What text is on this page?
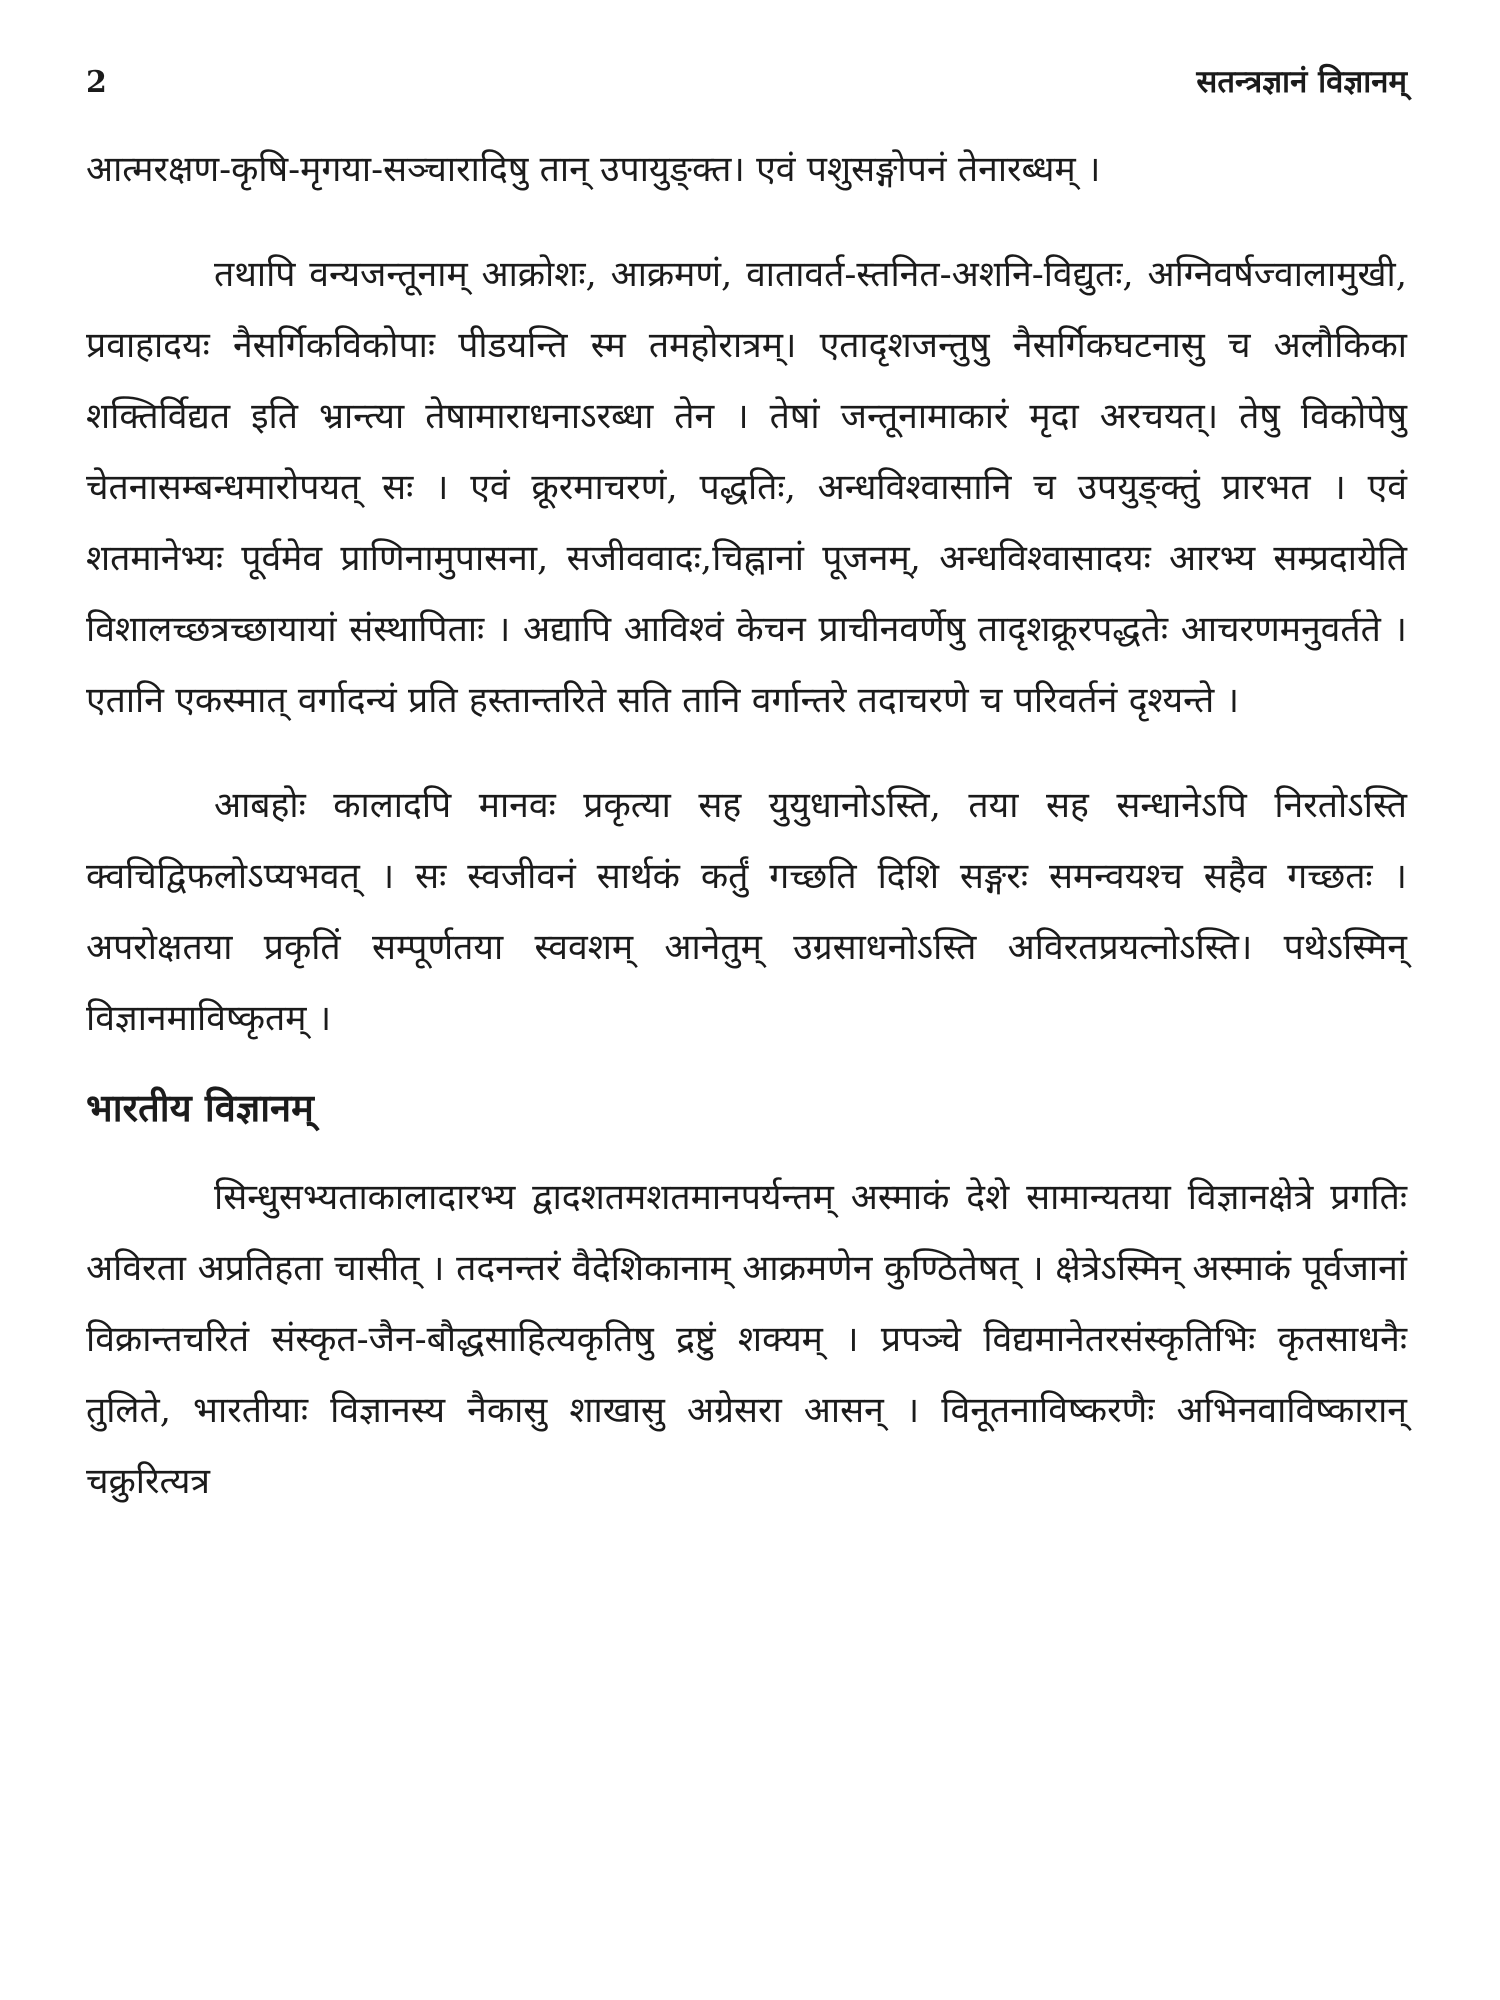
2	सतन्त्रज्ञानं विज्ञानम्

आत्मरक्षण-कृषि-मृगया-सञ्चारादिषु तान् उपायुङ्क्त। एवं पशुसङ्गोपनं तेनारब्धम् ।

तथापि वन्यजन्तूनाम् आक्रोशः, आक्रमणं, वातावर्त-स्तनित-अशनि-विद्युतः, अग्निवर्षज्वालामुखी, प्रवाहादयः नैसर्गिकविकोपाः पीडयन्ति स्म तमहोरात्रम्। एतादृशजन्तुषु नैसर्गिकघटनासु च अलौकिका शक्तिर्विद्यत इति भ्रान्त्या तेषामाराधनाऽरब्धा तेन । तेषां जन्तूनामाकारं मृदा अरचयत्। तेषु विकोपेषु चेतनासम्बन्धमारोपयत् सः । एवं क्रूरमाचरणं, पद्धतिः, अन्धविश्वासानि च उपयुङ्क्तुं प्रारभत । एवं शतमानेभ्यः पूर्वमेव प्राणिनामुपासना, सजीववादः,चिह्नानां पूजनम्, अन्धविश्वासादयः आरभ्य सम्प्रदायेति विशालच्छत्रच्छायायां संस्थापिताः । अद्यापि आविश्वं केचन प्राचीनवर्णेषु तादृशक्रूरपद्धतेः आचरणमनुवर्तते । एतानि एकस्मात् वर्गादन्यं प्रति हस्तान्तरिते सति तानि वर्गान्तरे तदाचरणे च परिवर्तनं दृश्यन्ते ।

आबहोः कालादपि मानवः प्रकृत्या सह युयुधानोऽस्ति, तया सह सन्धानेऽपि निरतोऽस्ति क्वचिद्विफलोऽप्यभवत् । सः स्वजीवनं सार्थकं कर्तुं गच्छति दिशि सङ्गरः समन्वयश्च सहैव गच्छतः । अपरोक्षतया प्रकृतिं सम्पूर्णतया स्ववशम् आनेतुम् उग्रसाधनोऽस्ति अविरतप्रयत्नोऽस्ति। पथेऽस्मिन् विज्ञानमाविष्कृतम् ।

भारतीय विज्ञानम्

सिन्धुसभ्यताकालादारभ्य द्वादशतमशतमानपर्यन्तम् अस्माकं देशे सामान्यतया विज्ञानक्षेत्रे प्रगतिः अविरता अप्रतिहता चासीत् । तदनन्तरं वैदेशिकानाम् आक्रमणेन कुण्ठितेषत् । क्षेत्रेऽस्मिन् अस्माकं पूर्वजानां विक्रान्तचरितं संस्कृत-जैन-बौद्धसाहित्यकृतिषु द्रष्टुं शक्यम् । प्रपञ्चे विद्यमानेतरसंस्कृतिभिः कृतसाधनैः तुलिते, भारतीयाः विज्ञानस्य नैकासु शाखासु अग्रेसरा आसन् । विनूतनाविष्करणैः अभिनवाविष्कारान् चक्रुरित्यत्र
